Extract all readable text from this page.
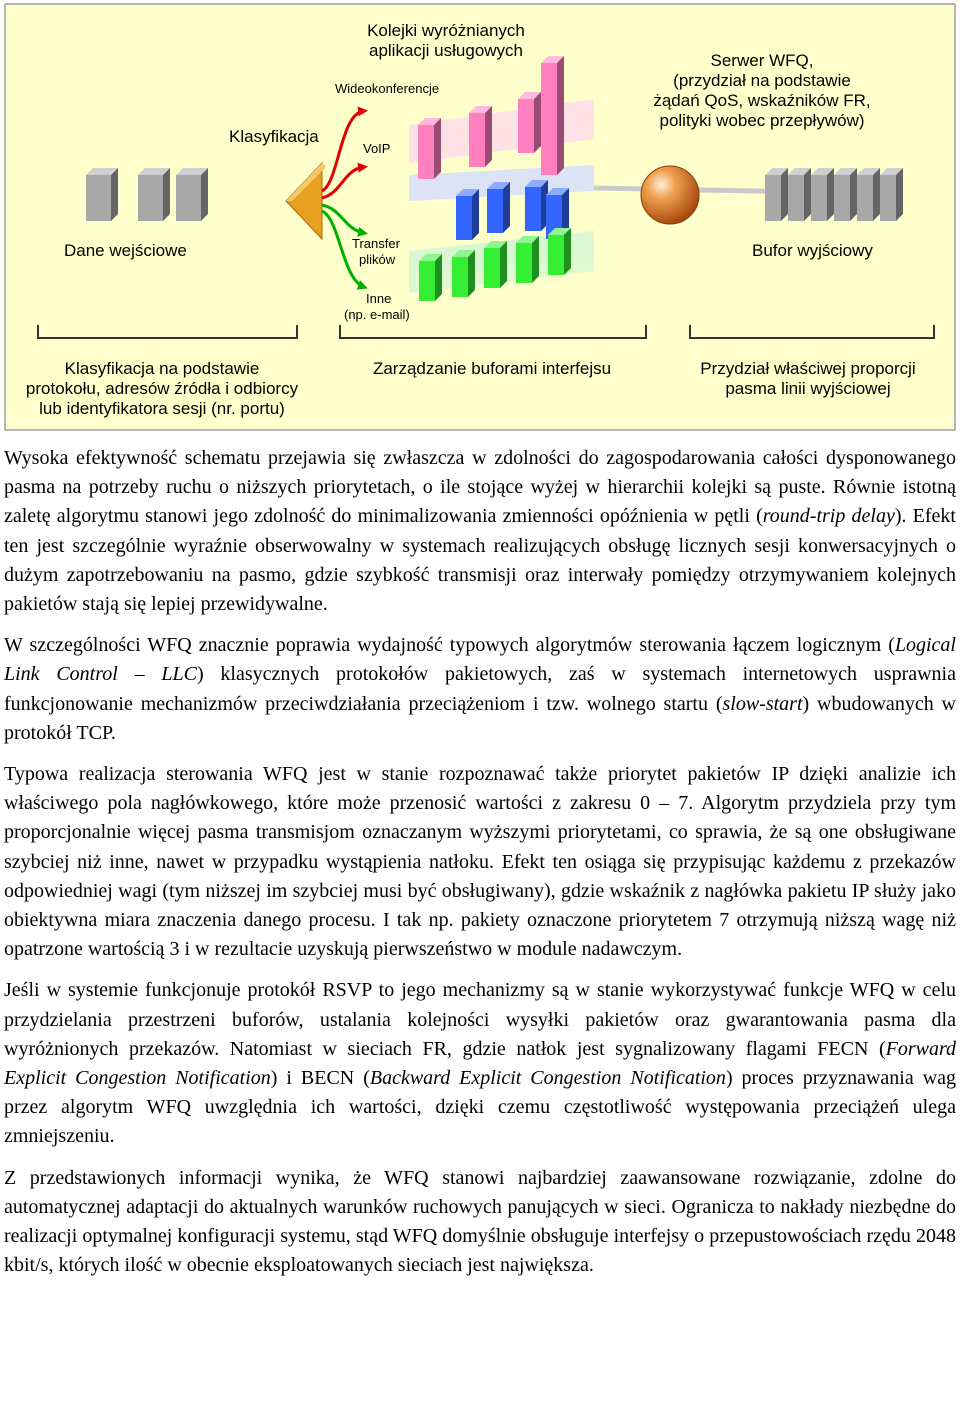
Kolejki wyróżnianych
aplikacji usługowych
Wideokonferencje
Klasyfikacja
VoIP
Serwer WFQ,
(przydział na podstawie
żądań QoS, wskaźników FR,
polityki wobec przepływów)
Dane wejściowe	Transfer
plików	Bufor wyjściowy
Inne
(np. e-mail)
Klasyfikacja na podstawie
protokołu, adresów źródła i odbiorcy
lub identyfikatora sesji (nr. portu)
Zarządzanie buforami interfejsu	Przydział właściwej proporcji
pasma linii wyjściowej

Wysoka efektywność schematu przejawia się zwłaszcza w zdolności do zagospodarowania całości dysponowanego pasma na potrzeby ruchu o niższych priorytetach, o ile stojące wyżej w hierarchii kolejki są puste. Równie istotną zaletę algorytmu stanowi jego zdolność do minimalizowania zmienności opóźnienia w pętli (round-trip delay). Efekt ten jest szczególnie wyraźnie obserwowalny w systemach realizujących obsługę licznych sesji konwersacyjnych o dużym zapotrzebowaniu na pasmo, gdzie szybkość transmisji oraz interwały pomiędzy otrzymywaniem kolejnych pakietów stają się lepiej przewidywalne.

W szczególności WFQ znacznie poprawia wydajność typowych algorytmów sterowania łączem logicznym (Logical Link Control – LLC) klasycznych protokołów pakietowych, zaś w systemach internetowych usprawnia funkcjonowanie mechanizmów przeciwdziałania przeciążeniom i tzw. wolnego startu (slow-start) wbudowanych w protokół TCP.

Typowa realizacja sterowania WFQ jest w stanie rozpoznawać także priorytet pakietów IP dzięki analizie ich właściwego pola nagłówkowego, które może przenosić wartości z zakresu 0 – 7. Algorytm przydziela przy tym proporcjonalnie więcej pasma transmisjom oznaczanym wyższymi priorytetami, co sprawia, że są one obsługiwane szybciej niż inne, nawet w przypadku wystąpienia natłoku. Efekt ten osiąga się przypisując każdemu z przekazów odpowiedniej wagi (tym niższej im szybciej musi być obsługiwany), gdzie wskaźnik z nagłówka pakietu IP służy jako obiektywna miara znaczenia danego procesu. I tak np. pakiety oznaczone priorytetem 7 otrzymują niższą wagę niż opatrzone wartością 3 i w rezultacie uzyskują pierwszeństwo w module nadawczym.

Jeśli w systemie funkcjonuje protokół RSVP to jego mechanizmy są w stanie wykorzystywać funkcje WFQ w celu przydzielania przestrzeni buforów, ustalania kolejności wysyłki pakietów oraz gwarantowania pasma dla wyróżnionych przekazów. Natomiast w sieciach FR, gdzie natłok jest sygnalizowany flagami FECN (Forward Explicit Congestion Notification) i BECN (Backward Explicit Congestion Notification) proces przyznawania wag przez algorytm WFQ uwzględnia ich wartości, dzięki czemu częstotliwość występowania przeciążeń ulega zmniejszeniu.

Z przedstawionych informacji wynika, że WFQ stanowi najbardziej zaawansowane rozwiązanie, zdolne do automatycznej adaptacji do aktualnych warunków ruchowych panujących w sieci. Ogranicza to nakłady niezbędne do realizacji optymalnej konfiguracji systemu, stąd WFQ domyślnie obsługuje interfejsy o przepustowościach rzędu 2048 kbit/s, których ilość w obecnie eksploatowanych sieciach jest największa.
